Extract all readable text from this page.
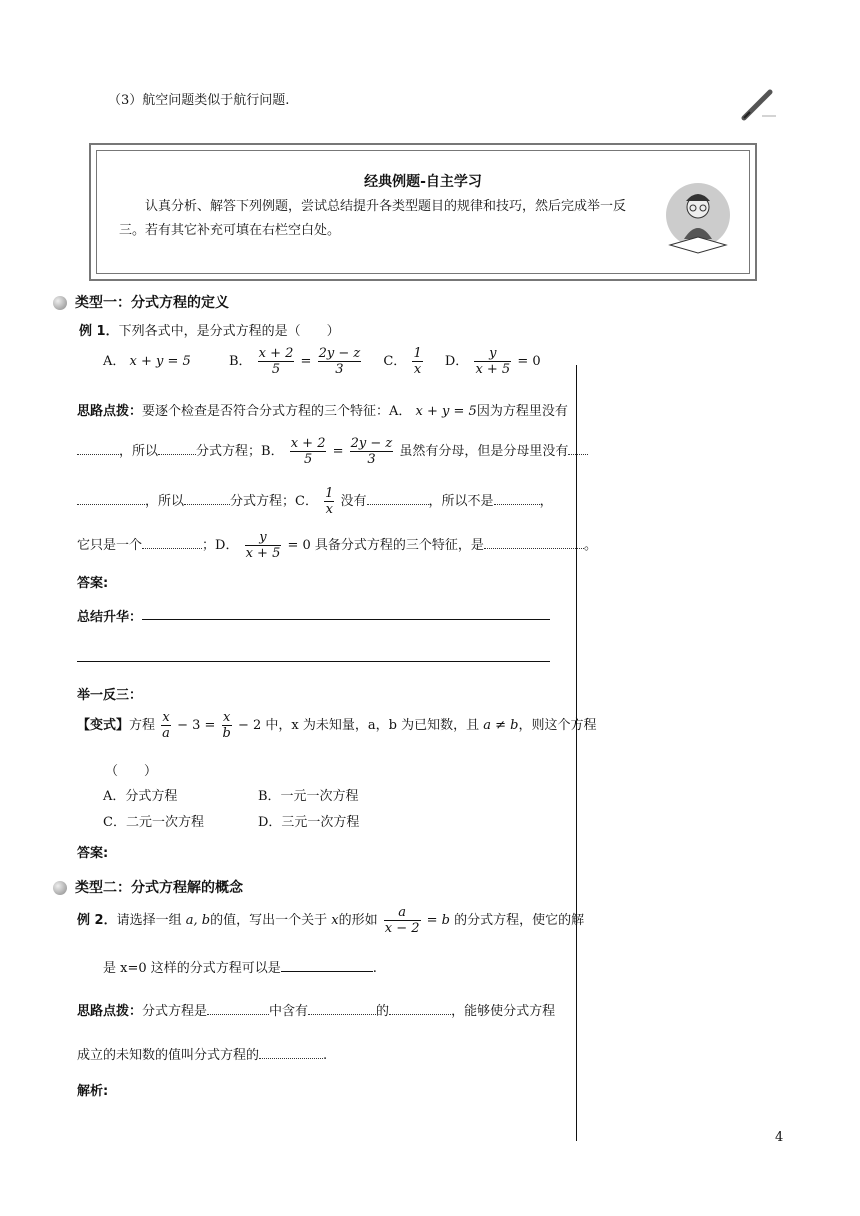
（3）航空问题类似于航行问题.
经典例题-自主学习
认真分析、解答下列例题，尝试总结提升各类型题目的规律和技巧，然后完成举一反
三。若有其它补充可填在右栏空白处。
类型一：分式方程的定义
例 1．下列各式中，是分式方程的是（　　）
A． x + y = 5	B． $\frac{x + 2}{5} = \frac{2y - z}{3}$ C． $\frac{1}{x}$ D． $\frac{y}{x + 5} = 0$
思路点拨：要逐个检查是否符合分式方程的三个特征：A． x + y = 5因为方程里没有
，所以	分式方程；B． $\frac{x + 2}{5} = \frac{2y - z}{3}$ 虽然有分母，但是分母里没有
，所以	分式方程；C． $\frac{1}{x}$ 没有	，所以不是	，
它只是一个	；D． $\frac{y}{x + 5} = 0$ 具备分式方程的三个特征，是	。
答案:
总结升华：
举一反三：
【变式】方程 $\frac{x}{a} - 3 = \frac{x}{b} - 2$ 中，x 为未知量，a，b 为已知数，且 a ≠ b，则这个方程
（　　）
A．分式方程	B．一元一次方程
C．二元一次方程	D．三元一次方程
答案:
类型二：分式方程解的概念
例 2．请选择一组 a, b的值，写出一个关于 x的形如 $\frac{a}{x - 2} = b$ 的分式方程，使它的解
是 x=0 这样的分式方程可以是	.
思路点拨：分式方程是	中含有	的	，能够使分式方程
成立的未知数的值叫分式方程的	.
解析:
4
